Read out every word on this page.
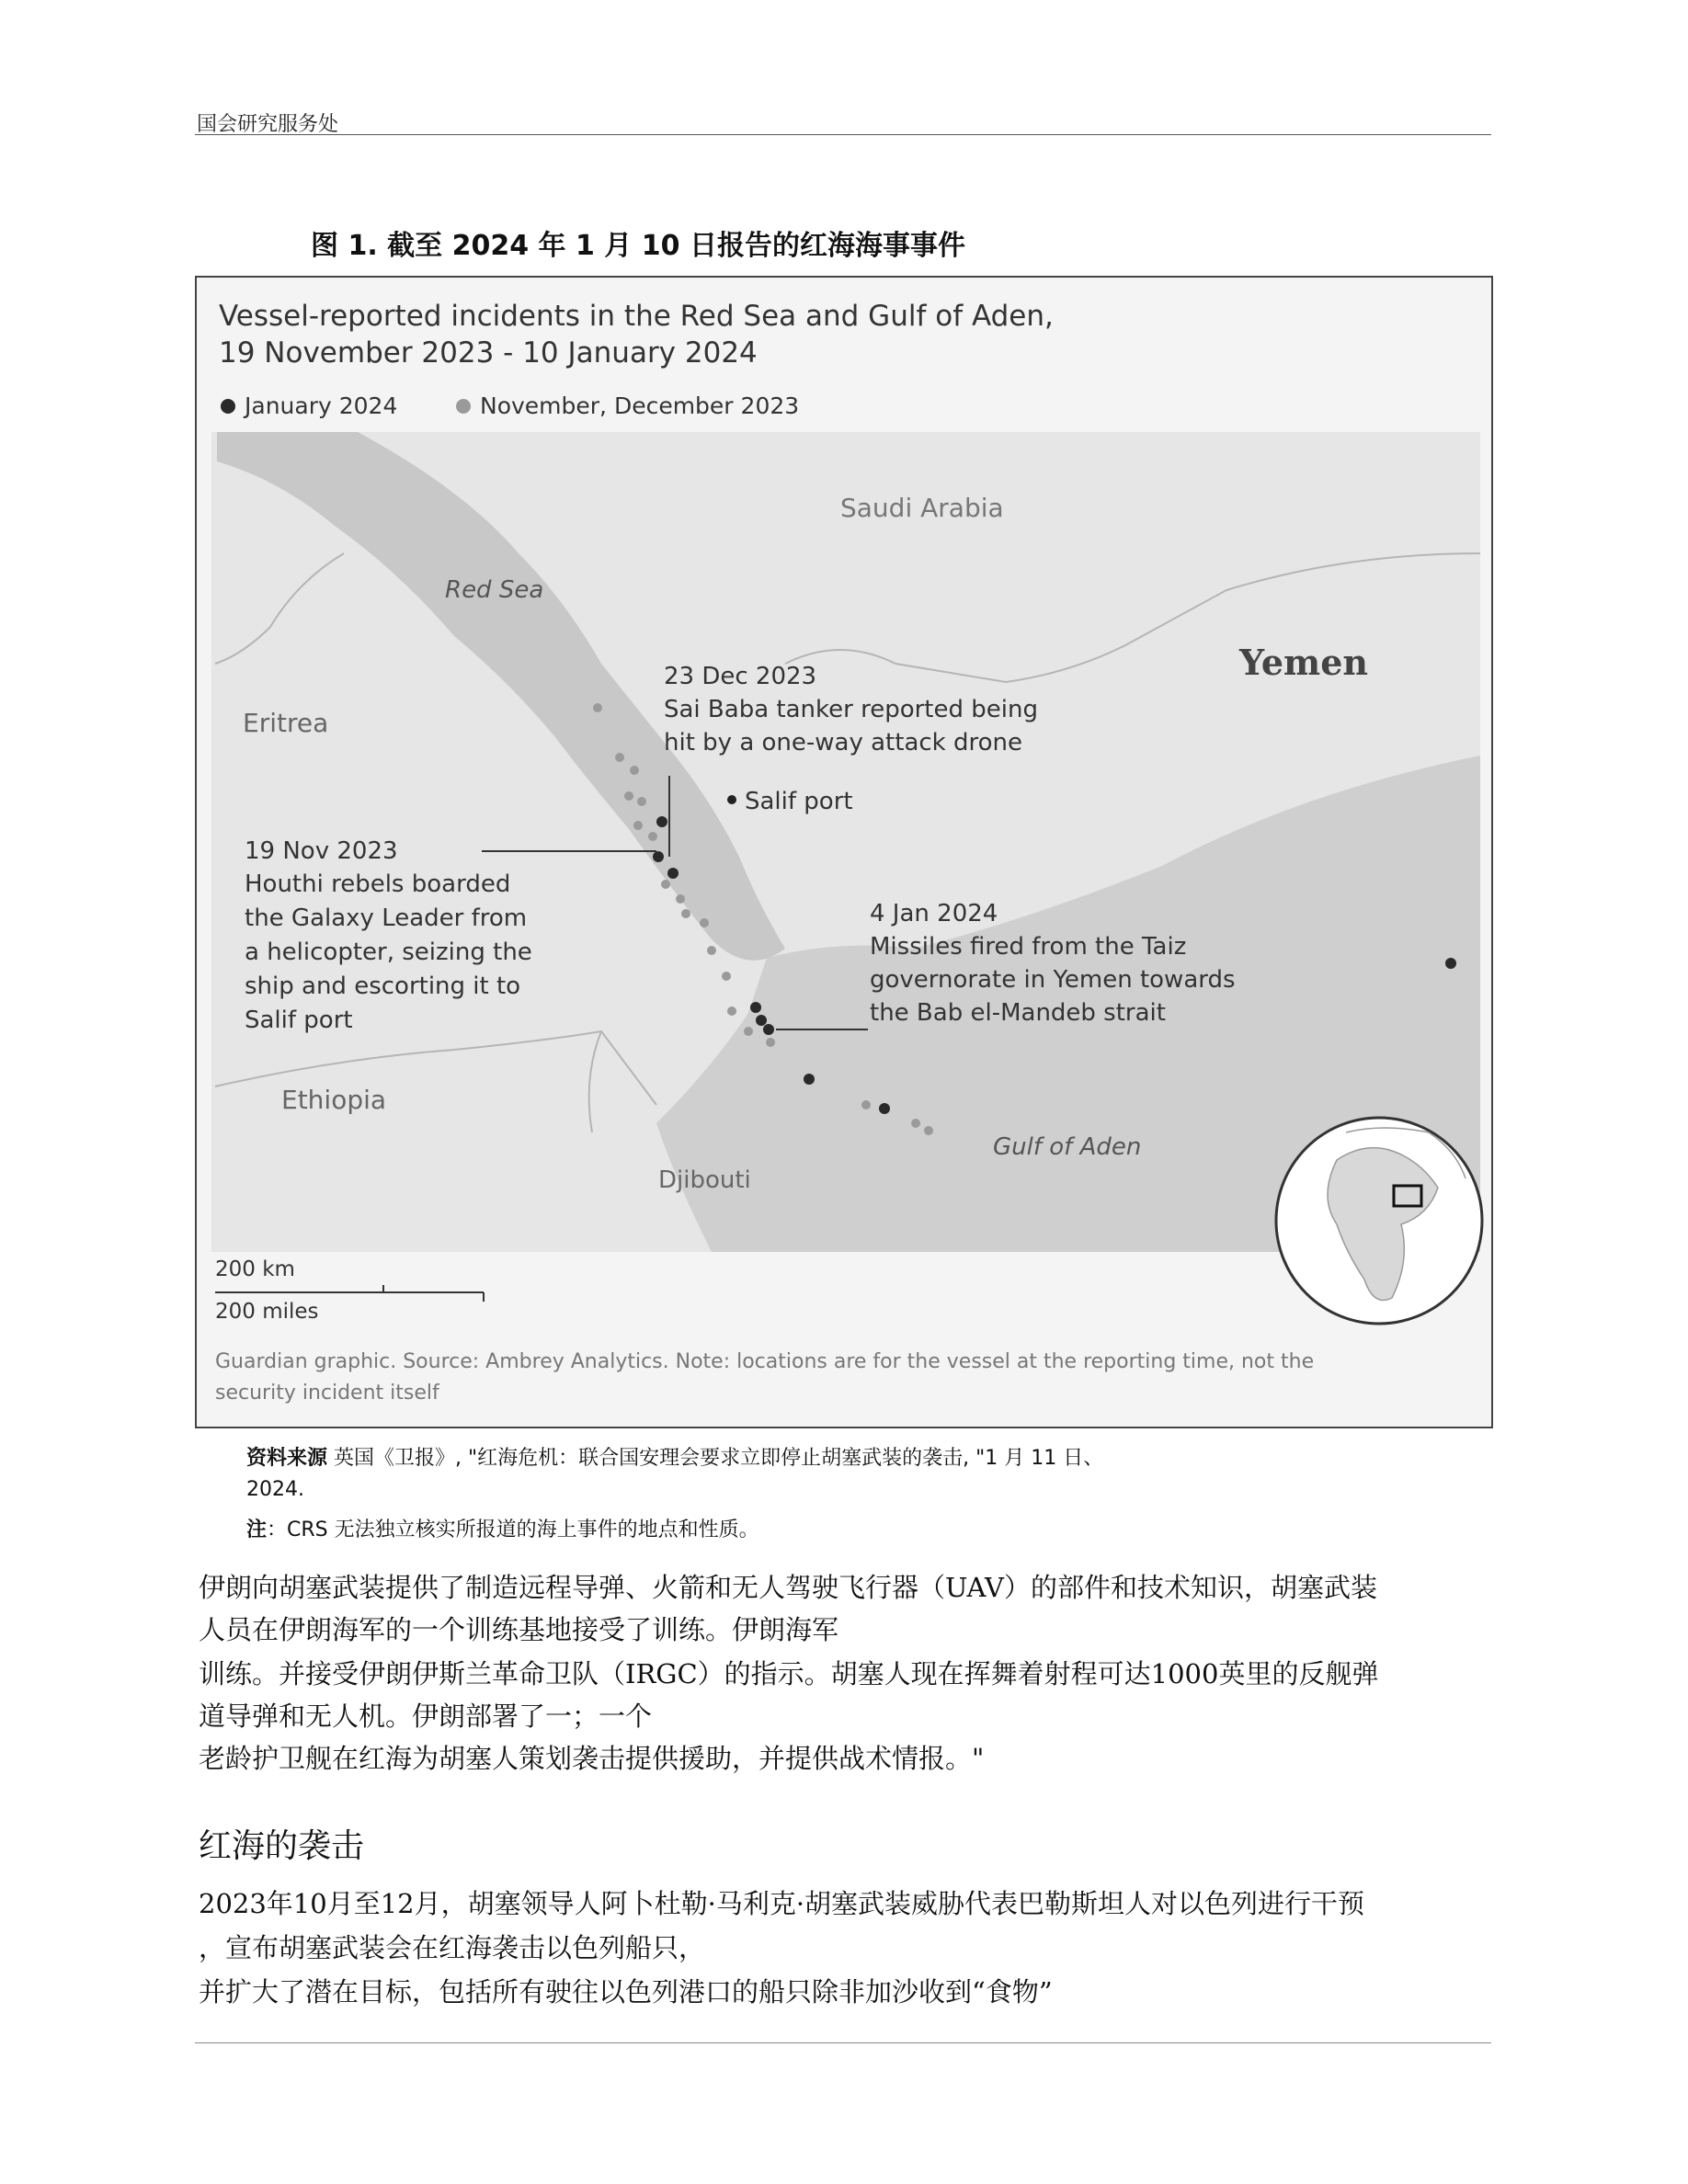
国会研究服务处
图 1. 截至 2024 年 1 月 10 日报告的红海海事事件
Vessel-reported incidents in the Red Sea and Gulf of Aden,
19 November 2023 - 10 January 2024
January 2024	November, December 2023
Saudi Arabia
Red Sea
Yemen
Eritrea
Ethiopia
Djibouti
Gulf of Aden
Salif port
23 Dec 2023
Sai Baba tanker reported being
hit by a one-way attack drone
19 Nov 2023
Houthi rebels boarded
the Galaxy Leader from
a helicopter, seizing the
ship and escorting it to
Salif port
4 Jan 2024
Missiles fired from the Taiz
governorate in Yemen towards
the Bab el-Mandeb strait
200 km
200 miles
Guardian graphic. Source: Ambrey Analytics. Note: locations are for the vessel at the reporting time, not the
security incident itself
资料来源 英国《卫报》, "红海危机：联合国安理会要求立即停止胡塞武装的袭击, "1 月 11 日、
2024.
注：CRS 无法独立核实所报道的海上事件的地点和性质。
伊朗向胡塞武装提供了制造远程导弹、火箭和无人驾驶飞行器（UAV）的部件和技术知识，胡塞武装
人员在伊朗海军的一个训练基地接受了训练。伊朗海军
训练。并接受伊朗伊斯兰革命卫队（IRGC）的指示。胡塞人现在挥舞着射程可达1000英里的反舰弹
道导弹和无人机。伊朗部署了一；一个
老龄护卫舰在红海为胡塞人策划袭击提供援助，并提供战术情报。"
红海的袭击
2023年10月至12月，胡塞领导人阿卜杜勒·马利克·胡塞武装威胁代表巴勒斯坦人对以色列进行干预
，宣布胡塞武装会在红海袭击以色列船只，
并扩大了潜在目标，包括所有驶往以色列港口的船只除非加沙收到“食物”
